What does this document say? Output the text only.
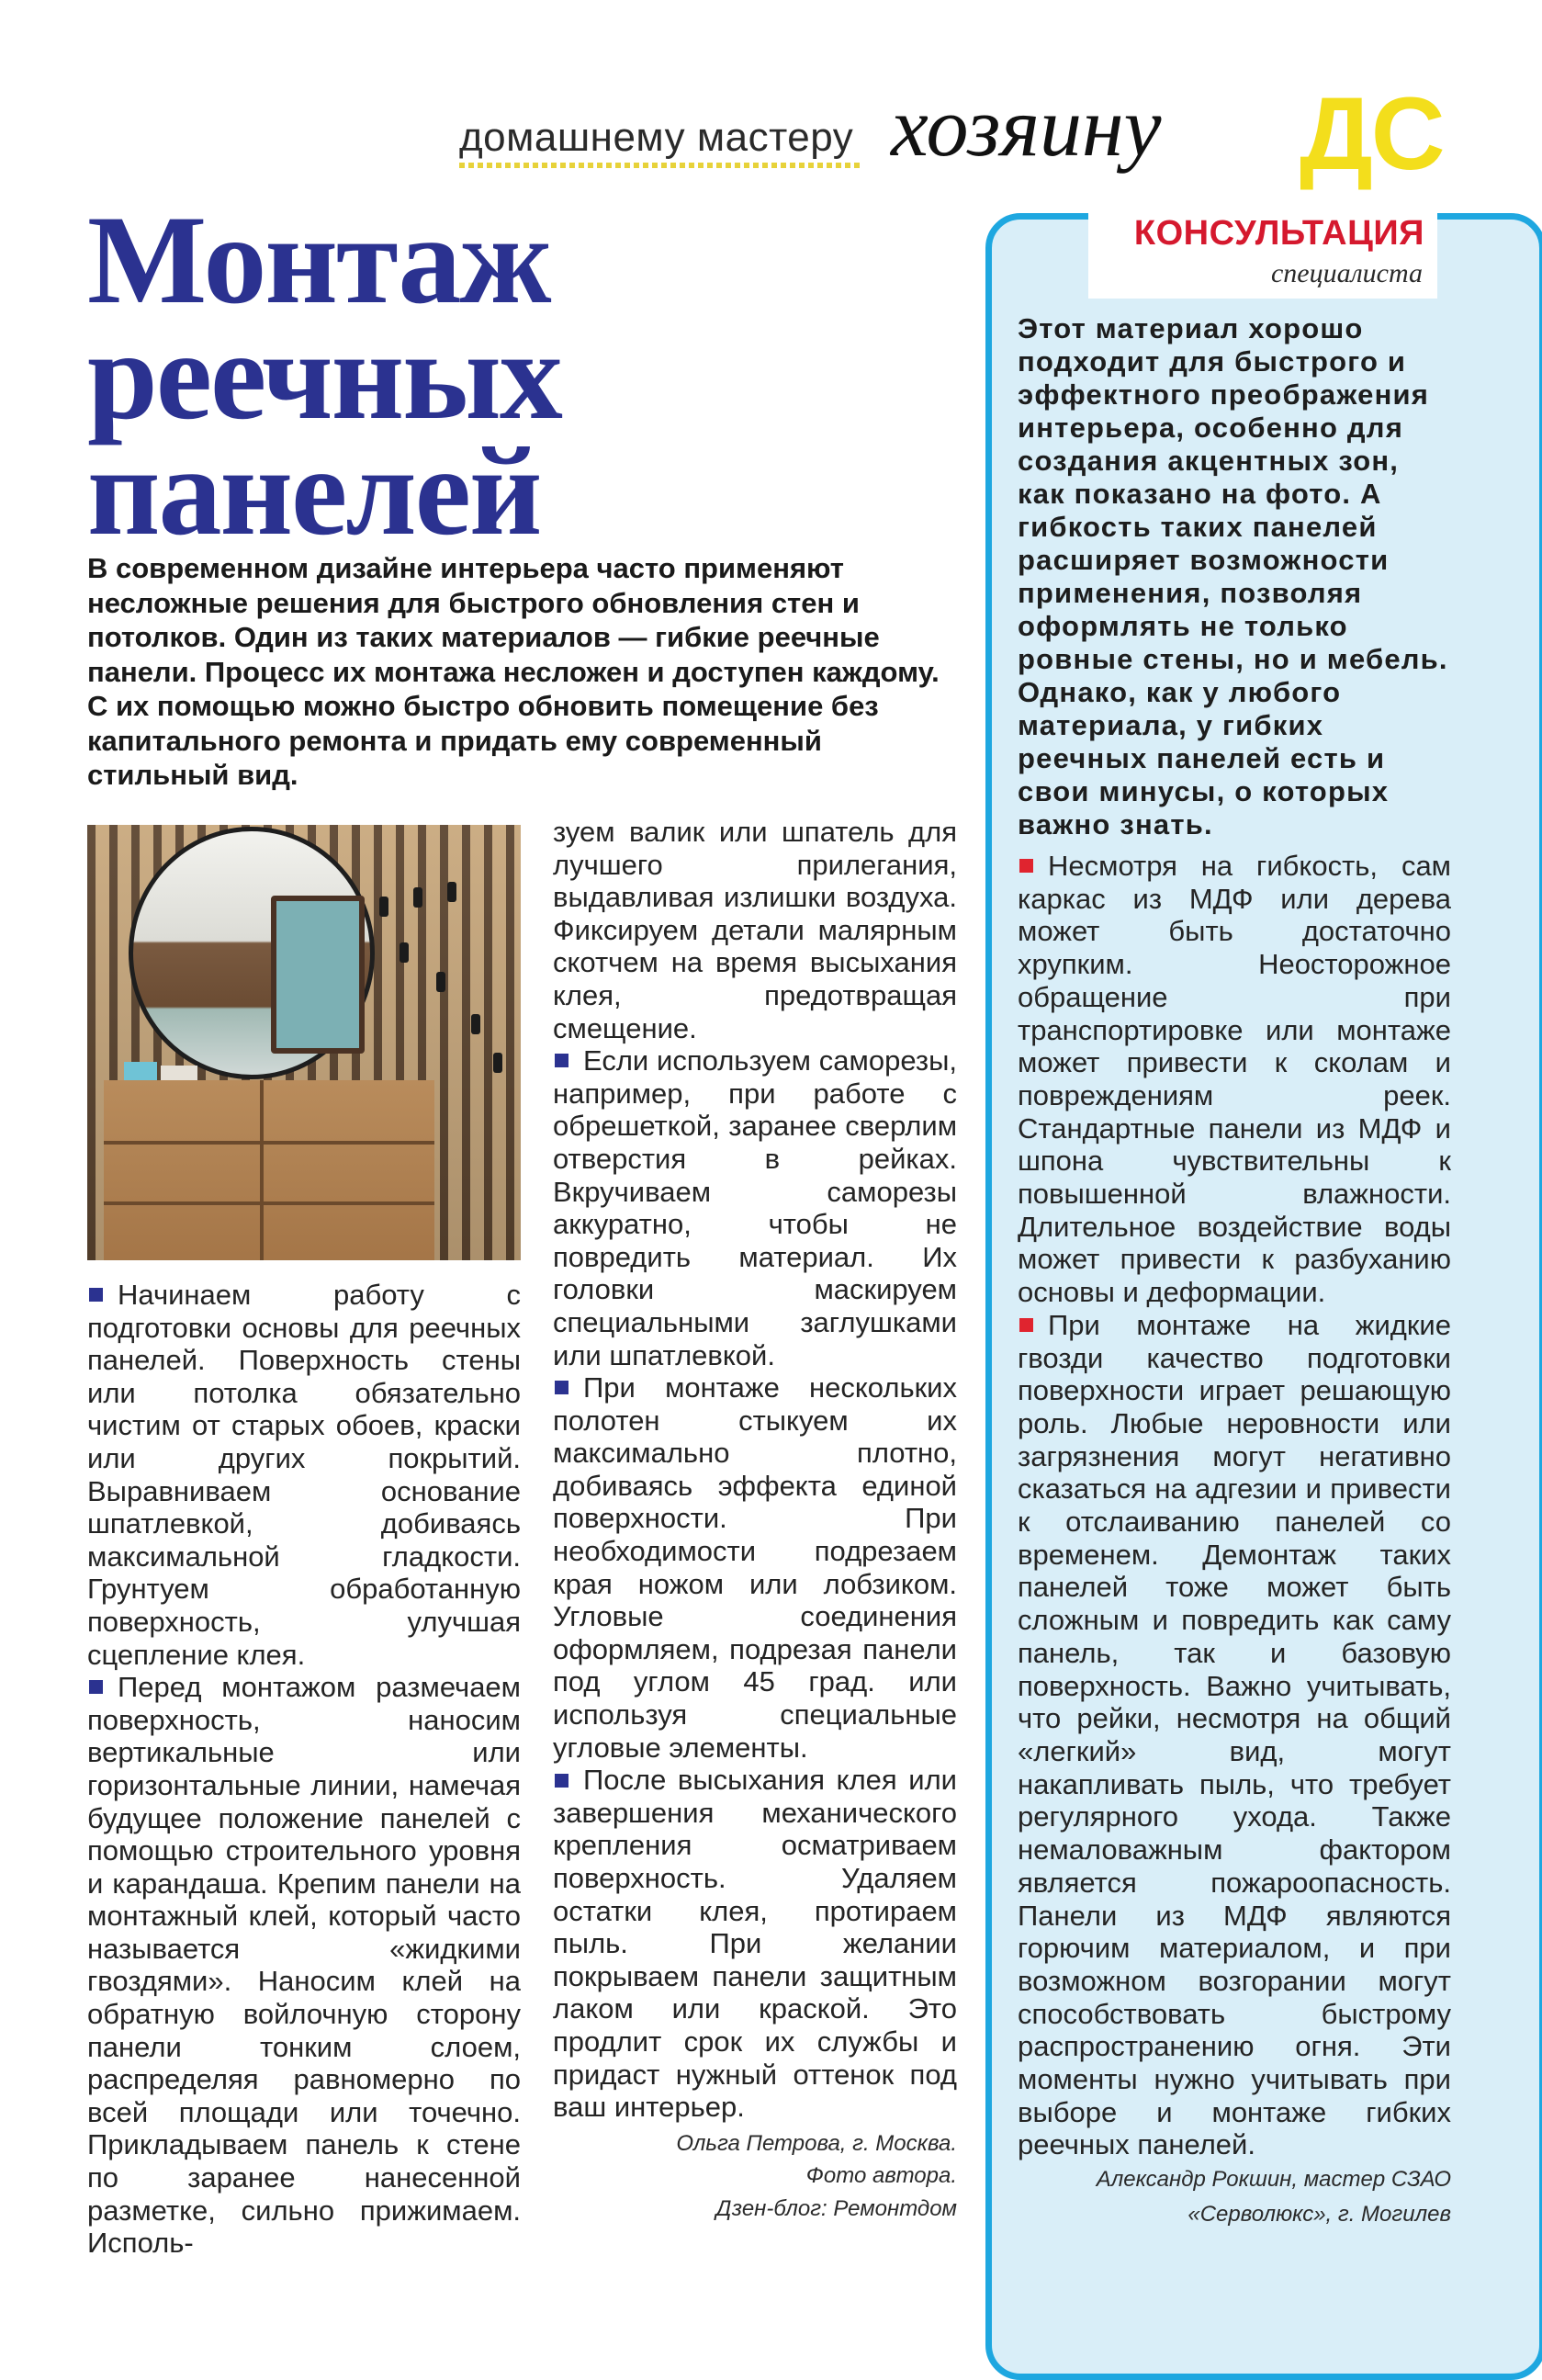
домашнему мастеру хозяину ДС
Монтаж реечных панелей

В современном дизайне интерьера часто применяют несложные решения для быстрого обновления стен и потолков. Один из таких материалов — гибкие реечные панели. Процесс их монтажа несложен и доступен каждому. С их помощью можно быстро обновить помещение без капитального ремонта и придать ему современный стильный вид.

Начинаем работу с подготовки основы для реечных панелей. Поверхность стены или потолка обязательно чистим от старых обоев, краски или других покрытий. Выравниваем основание шпатлевкой, добиваясь максимальной гладкости. Грунтуем обработанную поверхность, улучшая сцепление клея.

Перед монтажом размечаем поверхность, наносим вертикальные или горизонтальные линии, намечая будущее положение панелей с помощью строительного уровня и карандаша. Крепим панели на монтажный клей, который часто называется «жидкими гвоздями». Наносим клей на обратную войлочную сторону панели тонким слоем, распределяя равномерно по всей площади или точечно. Прикладываем панель к стене по заранее нанесенной разметке, сильно прижимаем. Исполь-

зуем валик или шпатель для лучшего прилегания, выдавливая излишки воздуха. Фиксируем детали малярным скотчем на время высыхания клея, предотвращая смещение.

Если используем саморезы, например, при работе с обрешеткой, заранее сверлим отверстия в рейках. Вкручиваем саморезы аккуратно, чтобы не повредить материал. Их головки маскируем специальными заглушками или шпатлевкой.

При монтаже нескольких полотен стыкуем их максимально плотно, добиваясь эффекта единой поверхности. При необходимости подрезаем края ножом или лобзиком. Угловые соединения оформляем, подрезая панели под углом 45 град. или используя специальные угловые элементы.

После высыхания клея или завершения механического крепления осматриваем поверхность. Удаляем остатки клея, протираем пыль. При желании покрываем панели защитным лаком или краской. Это продлит срок их службы и придаст нужный оттенок под ваш интерьер.

Ольга Петрова, г. Москва.
Фото автора.
Дзен-блог: Ремонтдом
КОНСУЛЬТАЦИЯ
специалиста

Этот материал хорошо подходит для быстрого и эффектного преображения интерьера, особенно для создания акцентных зон, как показано на фото. А гибкость таких панелей расширяет возможности применения, позволяя оформлять не только ровные стены, но и мебель. Однако, как у любого материала, у гибких реечных панелей есть и свои минусы, о которых важно знать.

Несмотря на гибкость, сам каркас из МДФ или дерева может быть достаточно хрупким. Неосторожное обращение при транспортировке или монтаже может привести к сколам и повреждениям реек. Стандартные панели из МДФ и шпона чувствительны к повышенной влажности. Длительное воздействие воды может привести к разбуханию основы и деформации.

При монтаже на жидкие гвозди качество подготовки поверхности играет решающую роль. Любые неровности или загрязнения могут негативно сказаться на адгезии и привести к отслаиванию панелей со временем. Демонтаж таких панелей тоже может быть сложным и повредить как саму панель, так и базовую поверхность. Важно учитывать, что рейки, несмотря на общий «легкий» вид, могут накапливать пыль, что требует регулярного ухода. Также немаловажным фактором является пожароопасность. Панели из МДФ являются горючим материалом, и при возможном возгорании могут способствовать быстрому распространению огня. Эти моменты нужно учитывать при выборе и монтаже гибких реечных панелей.

Александр Рокшин, мастер СЗАО
«Серволюкс», г. Могилев
